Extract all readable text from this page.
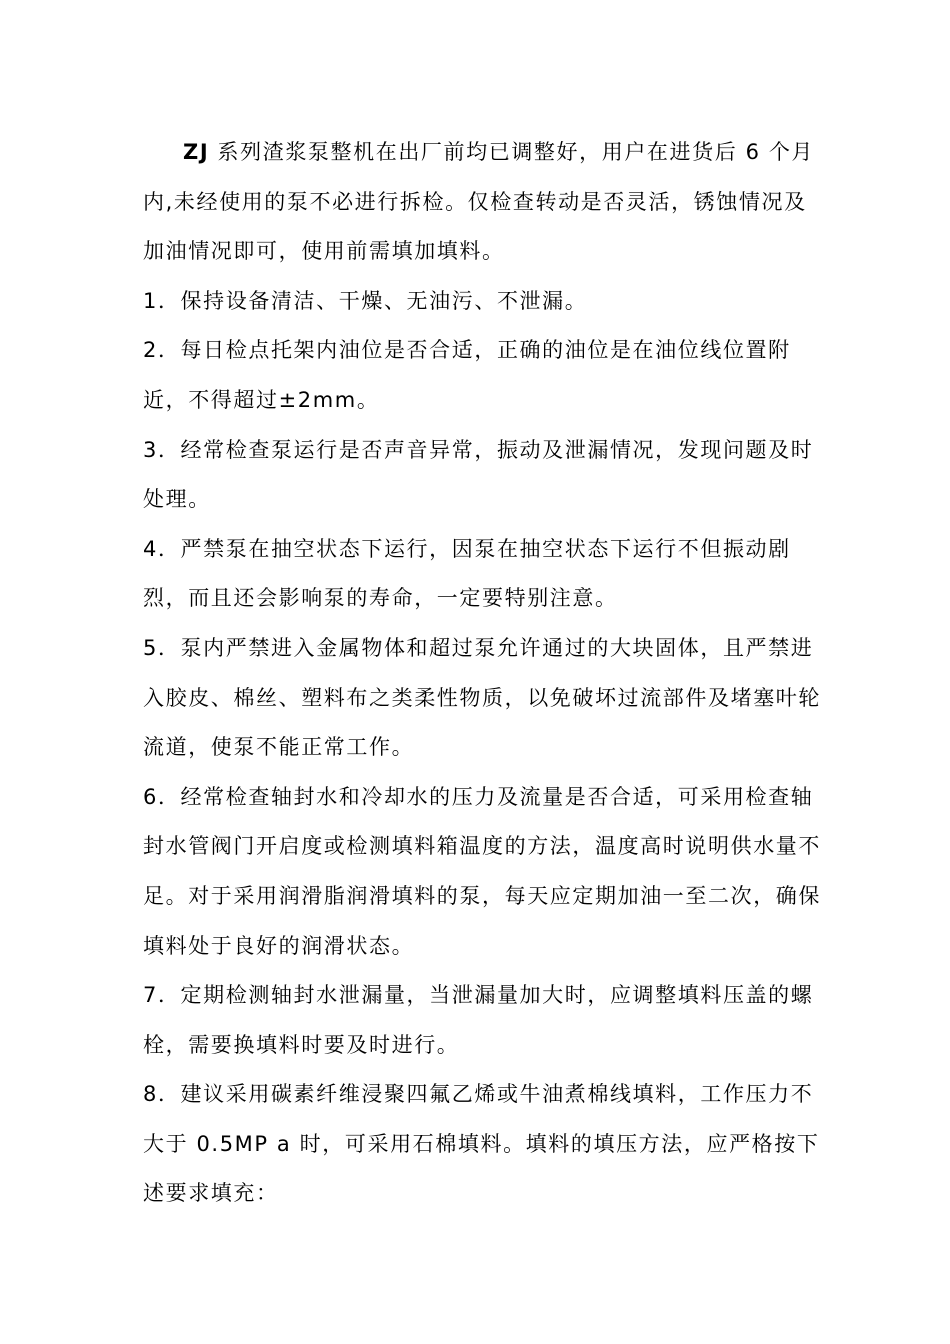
ZJ 系列渣浆泵整机在出厂前均已调整好，用户在进货后 6 个月内,未经使用的泵不必进行拆检。仅检查转动是否灵活，锈蚀情况及加油情况即可，使用前需填加填料。

1．保持设备清洁、干燥、无油污、不泄漏。

2．每日检点托架内油位是否合适，正确的油位是在油位线位置附近，不得超过±2mm。

3．经常检查泵运行是否声音异常，振动及泄漏情况，发现问题及时处理。

4．严禁泵在抽空状态下运行，因泵在抽空状态下运行不但振动剧烈，而且还会影响泵的寿命，一定要特别注意。

5．泵内严禁进入金属物体和超过泵允许通过的大块固体，且严禁进入胶皮、棉丝、塑料布之类柔性物质，以免破坏过流部件及堵塞叶轮流道，使泵不能正常工作。

6．经常检查轴封水和冷却水的压力及流量是否合适，可采用检查轴封水管阀门开启度或检测填料箱温度的方法，温度高时说明供水量不足。对于采用润滑脂润滑填料的泵，每天应定期加油一至二次，确保填料处于良好的润滑状态。

7．定期检测轴封水泄漏量，当泄漏量加大时，应调整填料压盖的螺栓，需要换填料时要及时进行。

8．建议采用碳素纤维浸聚四氟乙烯或牛油煮棉线填料，工作压力不大于 0.5MP a 时，可采用石棉填料。填料的填压方法，应严格按下述要求填充：
